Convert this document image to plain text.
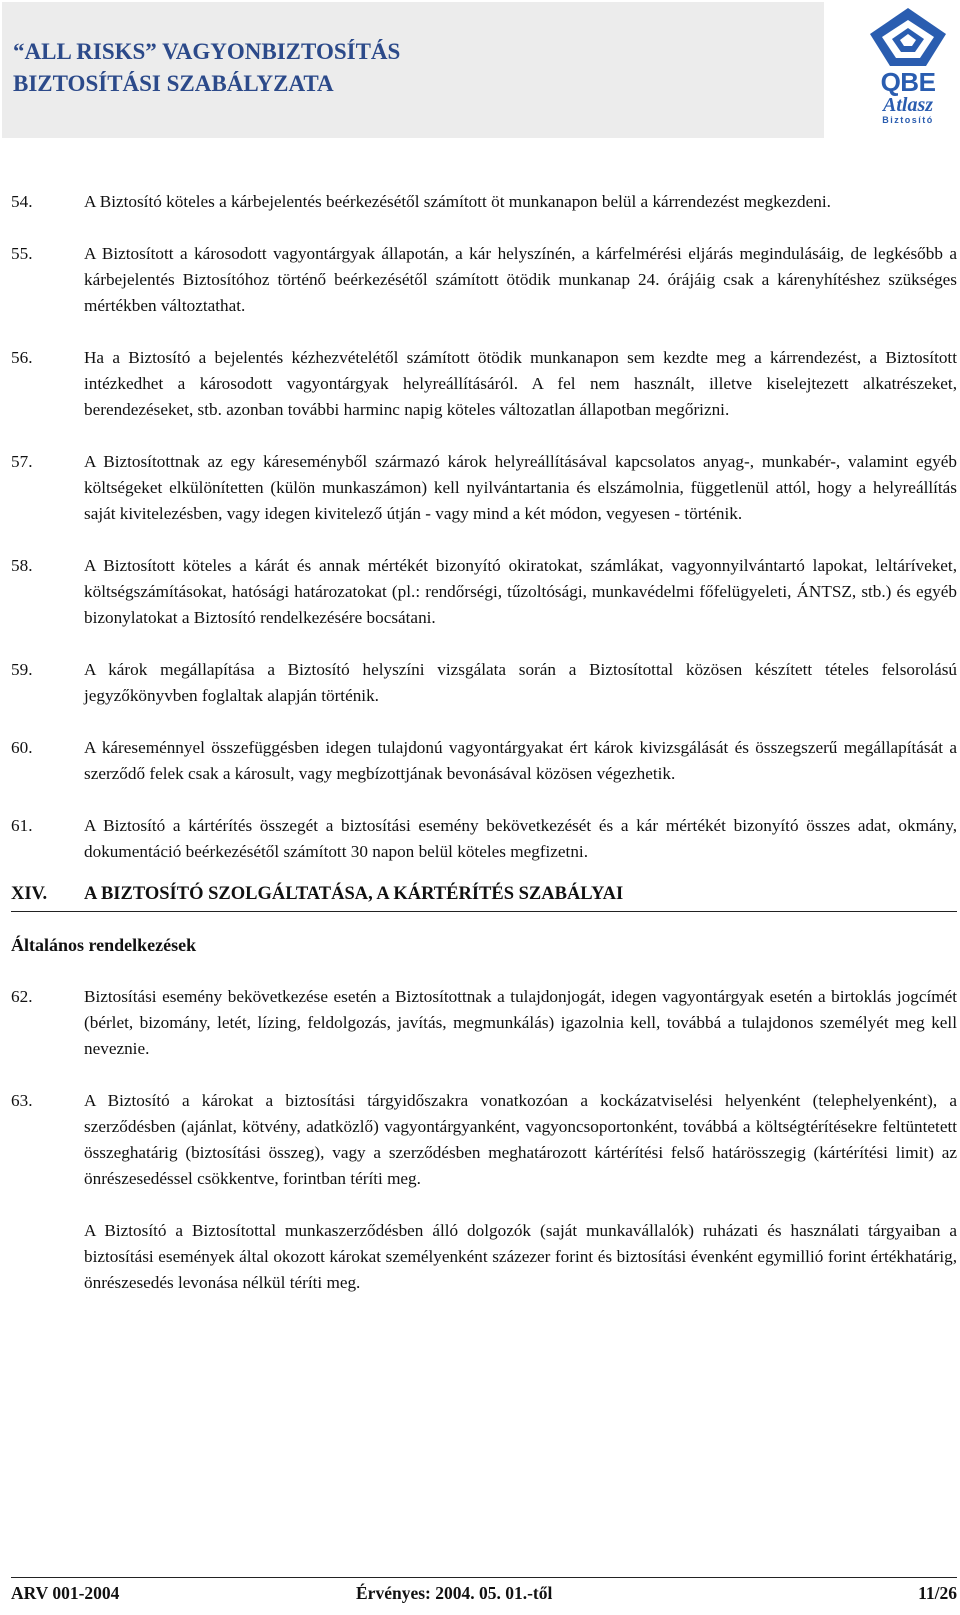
“ALL RISKS” VAGYONBIZTOSÍTÁS
BIZTOSÍTÁSI SZABÁLYZATA	QBE
Atlasz
Biztosító
54.	A Biztosító köteles a kárbejelentés beérkezésétől számított öt munkanapon belül a kárrendezést megkezdeni.
55.	A Biztosított a károsodott vagyontárgyak állapotán, a kár helyszínén, a kárfelmérési eljárás megindulásáig, de legkésőbb a kárbejelentés Biztosítóhoz történő beérkezésétől számított ötödik munkanap 24. órájáig csak a kárenyhítéshez szükséges mértékben változtathat.
56.	Ha a Biztosító a bejelentés kézhezvételétől számított ötödik munkanapon sem kezdte meg a kárrendezést, a Biztosított intézkedhet a károsodott vagyontárgyak helyreállításáról. A fel nem használt, illetve kiselejtezett alkatrészeket, berendezéseket, stb. azonban további harminc napig köteles változatlan állapotban megőrizni.
57.	A Biztosítottnak az egy káreseményből származó károk helyreállításával kapcsolatos anyag-, munkabér-, valamint egyéb költségeket elkülönítetten (külön munkaszámon) kell nyilvántartania és elszámolnia, függetlenül attól, hogy a helyreállítás saját kivitelezésben, vagy idegen kivitelező útján - vagy mind a két módon, vegyesen - történik.
58.	A Biztosított köteles a kárát és annak mértékét bizonyító okiratokat, számlákat, vagyonnyilvántartó lapokat, leltáríveket, költségszámításokat, hatósági határozatokat (pl.: rendőrségi, tűzoltósági, munkavédelmi főfelügyeleti, ÁNTSZ, stb.) és egyéb bizonylatokat a Biztosító rendelkezésére bocsátani.
59.	A károk megállapítása a Biztosító helyszíni vizsgálata során a Biztosítottal közösen készített tételes felsorolású jegyzőkönyvben foglaltak alapján történik.
60.	A káreseménnyel összefüggésben idegen tulajdonú vagyontárgyakat ért károk kivizsgálását és összegszerű megállapítását a szerződő felek csak a károsult, vagy megbízottjának bevonásával közösen végezhetik.
61.	A Biztosító a kártérítés összegét a biztosítási esemény bekövetkezését és a kár mértékét bizonyító összes adat, okmány, dokumentáció beérkezésétől számított 30 napon belül köteles megfizetni.
XIV.	A BIZTOSÍTÓ SZOLGÁLTATÁSA, A KÁRTÉRÍTÉS SZABÁLYAI
Általános rendelkezések
62.	Biztosítási esemény bekövetkezése esetén a Biztosítottnak a tulajdonjogát, idegen vagyontárgyak esetén a birtoklás jogcímét (bérlet, bizomány, letét, lízing, feldolgozás, javítás, megmunkálás) igazolnia kell, továbbá a tulajdonos személyét meg kell neveznie.
63.	A Biztosító a károkat a biztosítási tárgyidőszakra vonatkozóan a kockázatviselési helyenként (telephelyenként), a szerződésben (ajánlat, kötvény, adatközlő) vagyontárgyanként, vagyoncsoportonként, továbbá a költségtérítésekre feltüntetett összeghatárig (biztosítási összeg), vagy a szerződésben meghatározott kártérítési felső határösszegig (kártérítési limit) az önrészesedéssel csökkentve, forintban téríti meg.
A Biztosító a Biztosítottal munkaszerződésben álló dolgozók (saját munkavállalók) ruházati és használati tárgyaiban a biztosítási események által okozott károkat személyenként százezer forint és biztosítási évenként egymillió forint értékhatárig, önrészesedés levonása nélkül téríti meg.
ARV 001-2004	Érvényes: 2004. 05. 01.-től	11/26
